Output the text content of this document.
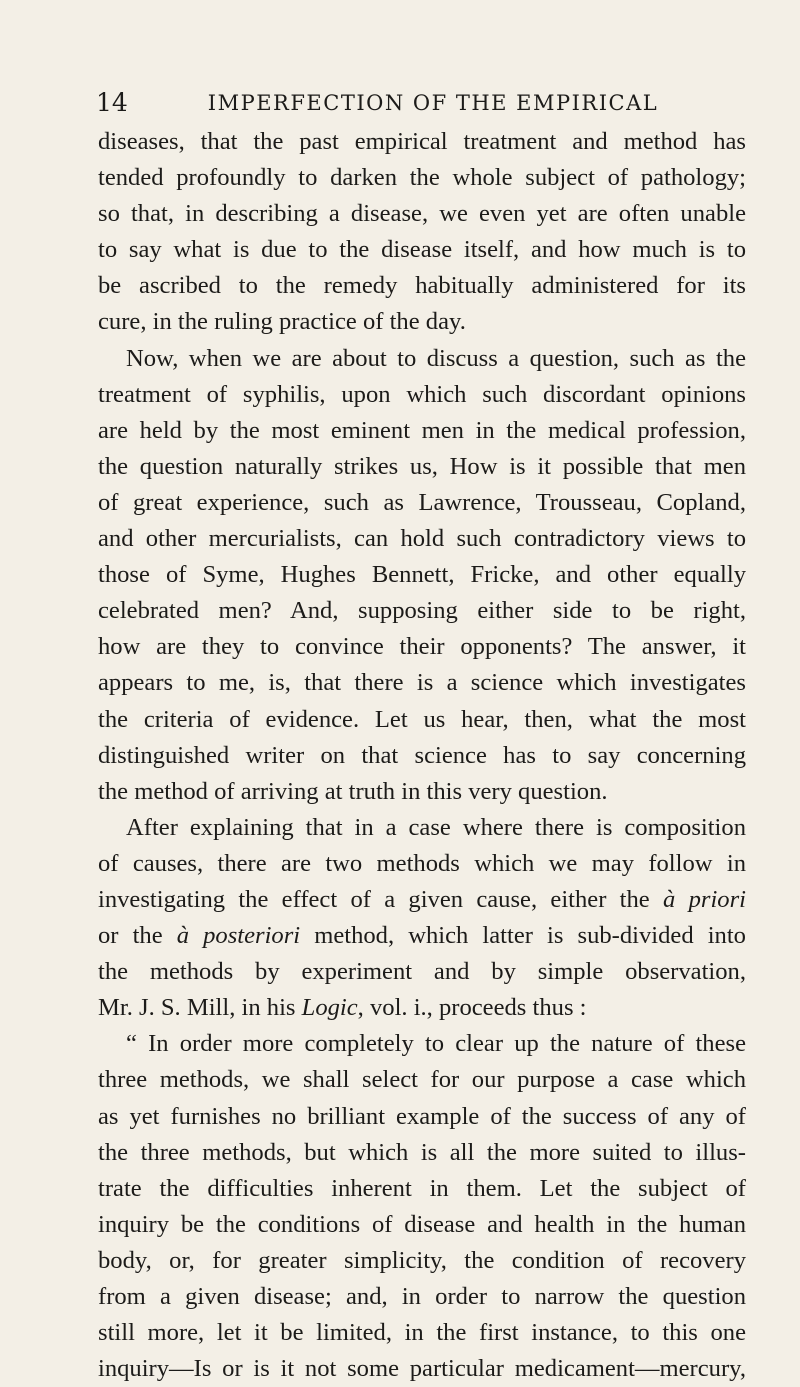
14	IMPERFECTION OF THE EMPIRICAL
diseases, that the past empirical treatment and method has
tended profoundly to darken the whole subject of pathology;
so that, in describing a disease, we even yet are often unable
to say what is due to the disease itself, and how much is to
be ascribed to the remedy habitually administered for its
cure, in the ruling practice of the day.
Now, when we are about to discuss a question, such as the
treatment of syphilis, upon which such discordant opinions
are held by the most eminent men in the medical profession,
the question naturally strikes us, How is it possible that men
of great experience, such as Lawrence, Trousseau, Copland,
and other mercurialists, can hold such contradictory views to
those of Syme, Hughes Bennett, Fricke, and other equally
celebrated men? And, supposing either side to be right,
how are they to convince their opponents? The answer, it
appears to me, is, that there is a science which investigates
the criteria of evidence. Let us hear, then, what the most
distinguished writer on that science has to say concerning
the method of arriving at truth in this very question.
After explaining that in a case where there is composition
of causes, there are two methods which we may follow in
investigating the effect of a given cause, either the à priori
or the à posteriori method, which latter is sub-divided into
the methods by experiment and by simple observation,
Mr. J. S. Mill, in his Logic, vol. i., proceeds thus :
“ In order more completely to clear up the nature of these
three methods, we shall select for our purpose a case which
as yet furnishes no brilliant example of the success of any of
the three methods, but which is all the more suited to illus-
trate the difficulties inherent in them. Let the subject of
inquiry be the conditions of disease and health in the human
body, or, for greater simplicity, the condition of recovery
from a given disease; and, in order to narrow the question
still more, let it be limited, in the first instance, to this one
inquiry—Is or is it not some particular medicament—mercury,
